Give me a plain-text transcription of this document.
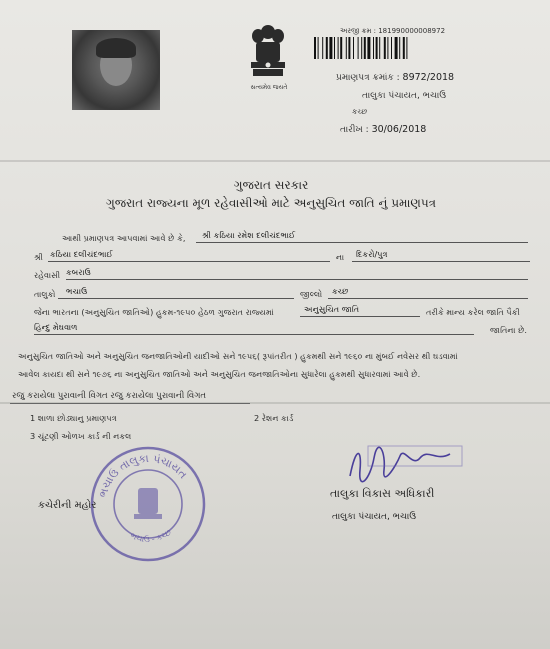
સત્યમેવ જયતે
અરજી ક્રમ : 181990000008972
પ્રમાણપત્ર ક્રમાંક : 8972/2018
તાલુકા પંચાયત, ભચાઉ
કચ્છ
તારીખ : 30/06/2018
ગુજરાત સરકાર
ગુજરાત રાજ્યના મૂળ રહેવાસીઓ માટે અનુસુચિત જાતિ નું પ્રમાણપત્ર
આથી પ્રમાણપત્ર આપવામાં આવે છે કે,	શ્રી કઠિયા રમેશ દલીચંદભાઈ
શ્રી કઠિયા દલીચંદભાઈ	ના	દિકરો/પુત્ર
રહેવાસી કબરાઉ
તાલુકો	ભચાઉ	જીલ્લો	કચ્છ
જેના ભારતના (અનુસુચિત જાતિઓ) હુકમ-૧૯૫૦ હેઠળ ગુજરાત રાજ્યમાં	અનુસુચિત જાતિ	તરીકે માન્ય કરેલ જાતિ પૈકી
હિન્દુ મેઘવાળ	જાતિના છે.
અનુસુચિત જાતિઓ અને અનુસુચિત જનજાતિઓની યાદીઓ સને ૧૯૫૬( રૂપાંતરીત ) હુકમથી સને ૧૯૬૦ ના મુંબઈ નવેસર થી ઘડવામાં
આવેલ કાયદા થી સને ૧૯૭૬ ના અનુસુચિત જાતિઓ અને અનુસુચિત જનજાતિઓના સુધારેલા હુકમથી સુધારવામાં આવે છે.
રજુ કરાયેલા પુરાવાની વિગત રજુ કરાયેલા પુરાવાની વિગત
1 શાળા છોડ્યાનુ પ્રમાણપત્ર	2 રેશન કાર્ડ
3 ચૂંટણી ઓળખ કાર્ડ ની નકલ
ભચાઉ તાલુકા પંચાયત
ભચાઉ - કચ્છ
કચેરીની મહોર
તાલુકા વિકાસ અધિકારી
તાલુકા પંચાયત, ભચાઉ
